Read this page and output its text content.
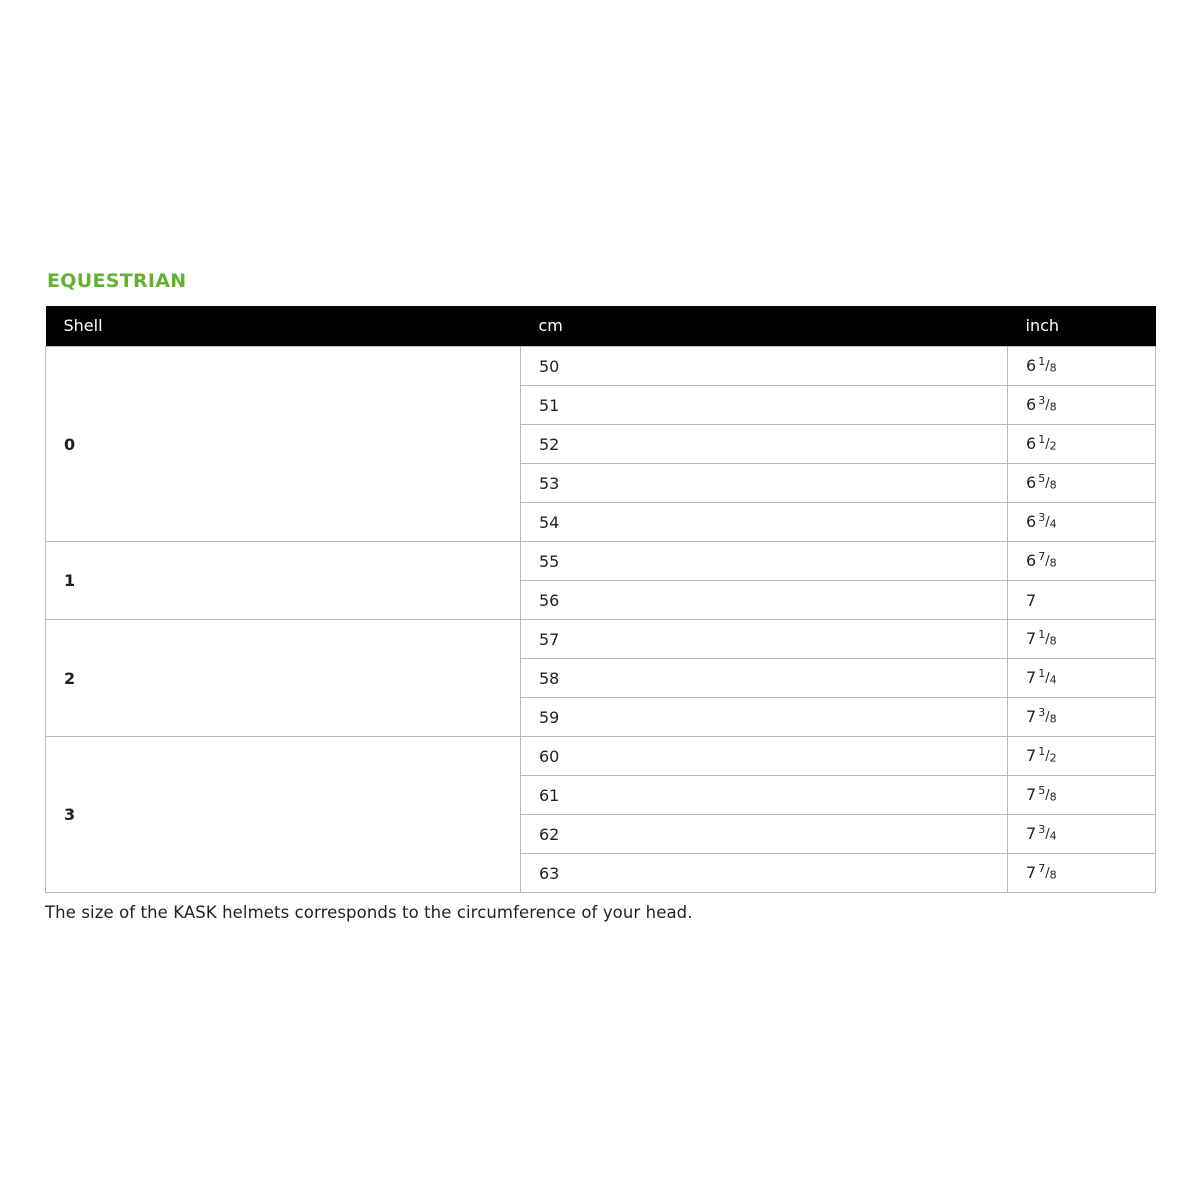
EQUESTRIAN
Shell	cm	inch
0	50	6 $^1/_8$
	51	6 $^3/_8$
	52	6 $^1/_2$
	53	6 $^5/_8$
	54	6 $^3/_4$
1	55	6 $^7/_8$
	56	7
2	57	7 $^1/_8$
	58	7 $^1/_4$
	59	7 $^3/_8$
3	60	7 $^1/_2$
	61	7 $^5/_8$
	62	7 $^3/_4$
	63	7 $^7/_8$
The size of the KASK helmets corresponds to the circumference of your head.
